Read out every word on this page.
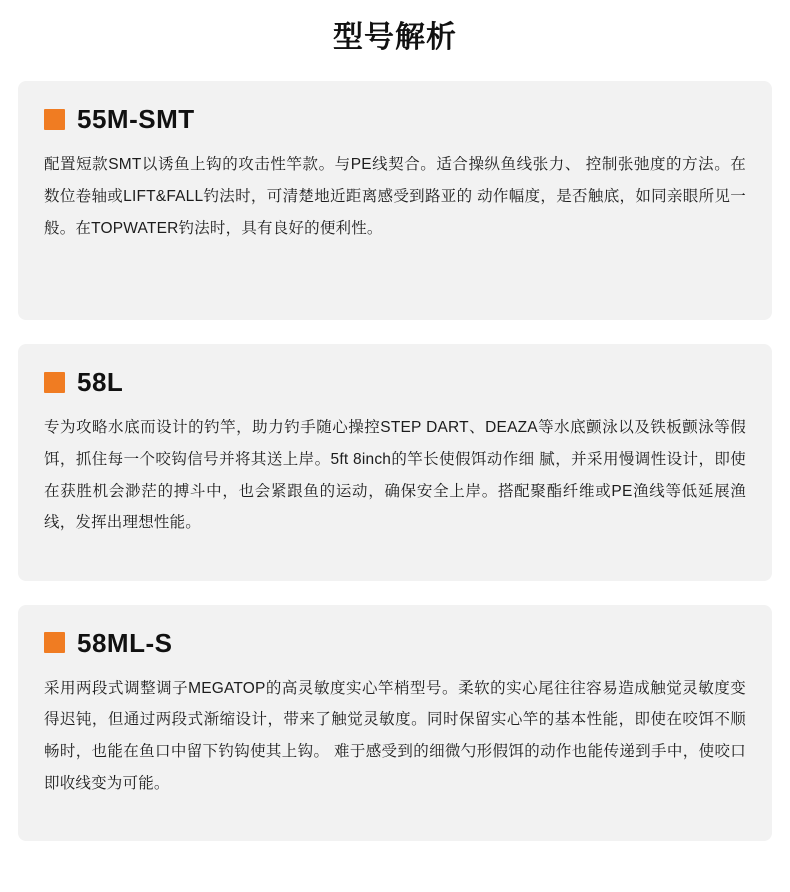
型号解析
55M-SMT

配置短款SMT以诱鱼上钩的攻击性竿款。与PE线契合。适合操纵鱼线张力、 控制张弛度的方法。在数位卷轴或LIFT&FALL钓法时，可清楚地近距离感受到路亚的 动作幅度，是否触底，如同亲眼所见一般。在TOPWATER钓法时，具有良好的便利性。

58L

专为攻略水底而设计的钓竿，助力钓手随心操控STEP DART、DEAZA等水底颤泳以及铁板颤泳等假饵，抓住每一个咬钩信号并将其送上岸。5ft 8inch的竿长使假饵动作细 腻，并采用慢调性设计，即使在获胜机会渺茫的搏斗中，也会紧跟鱼的运动，确保安全上岸。搭配聚酯纤维或PE渔线等低延展渔线，发挥出理想性能。

58ML-S

采用两段式调整调子MEGATOP的高灵敏度实心竿梢型号。柔软的实心尾往往容易造成触觉灵敏度变得迟钝，但通过两段式渐缩设计，带来了触觉灵敏度。同时保留实心竿的基本性能，即使在咬饵不顺畅时，也能在鱼口中留下钓钩使其上钩。 难于感受到的细微勺形假饵的动作也能传递到手中，使咬口即收线变为可能。
